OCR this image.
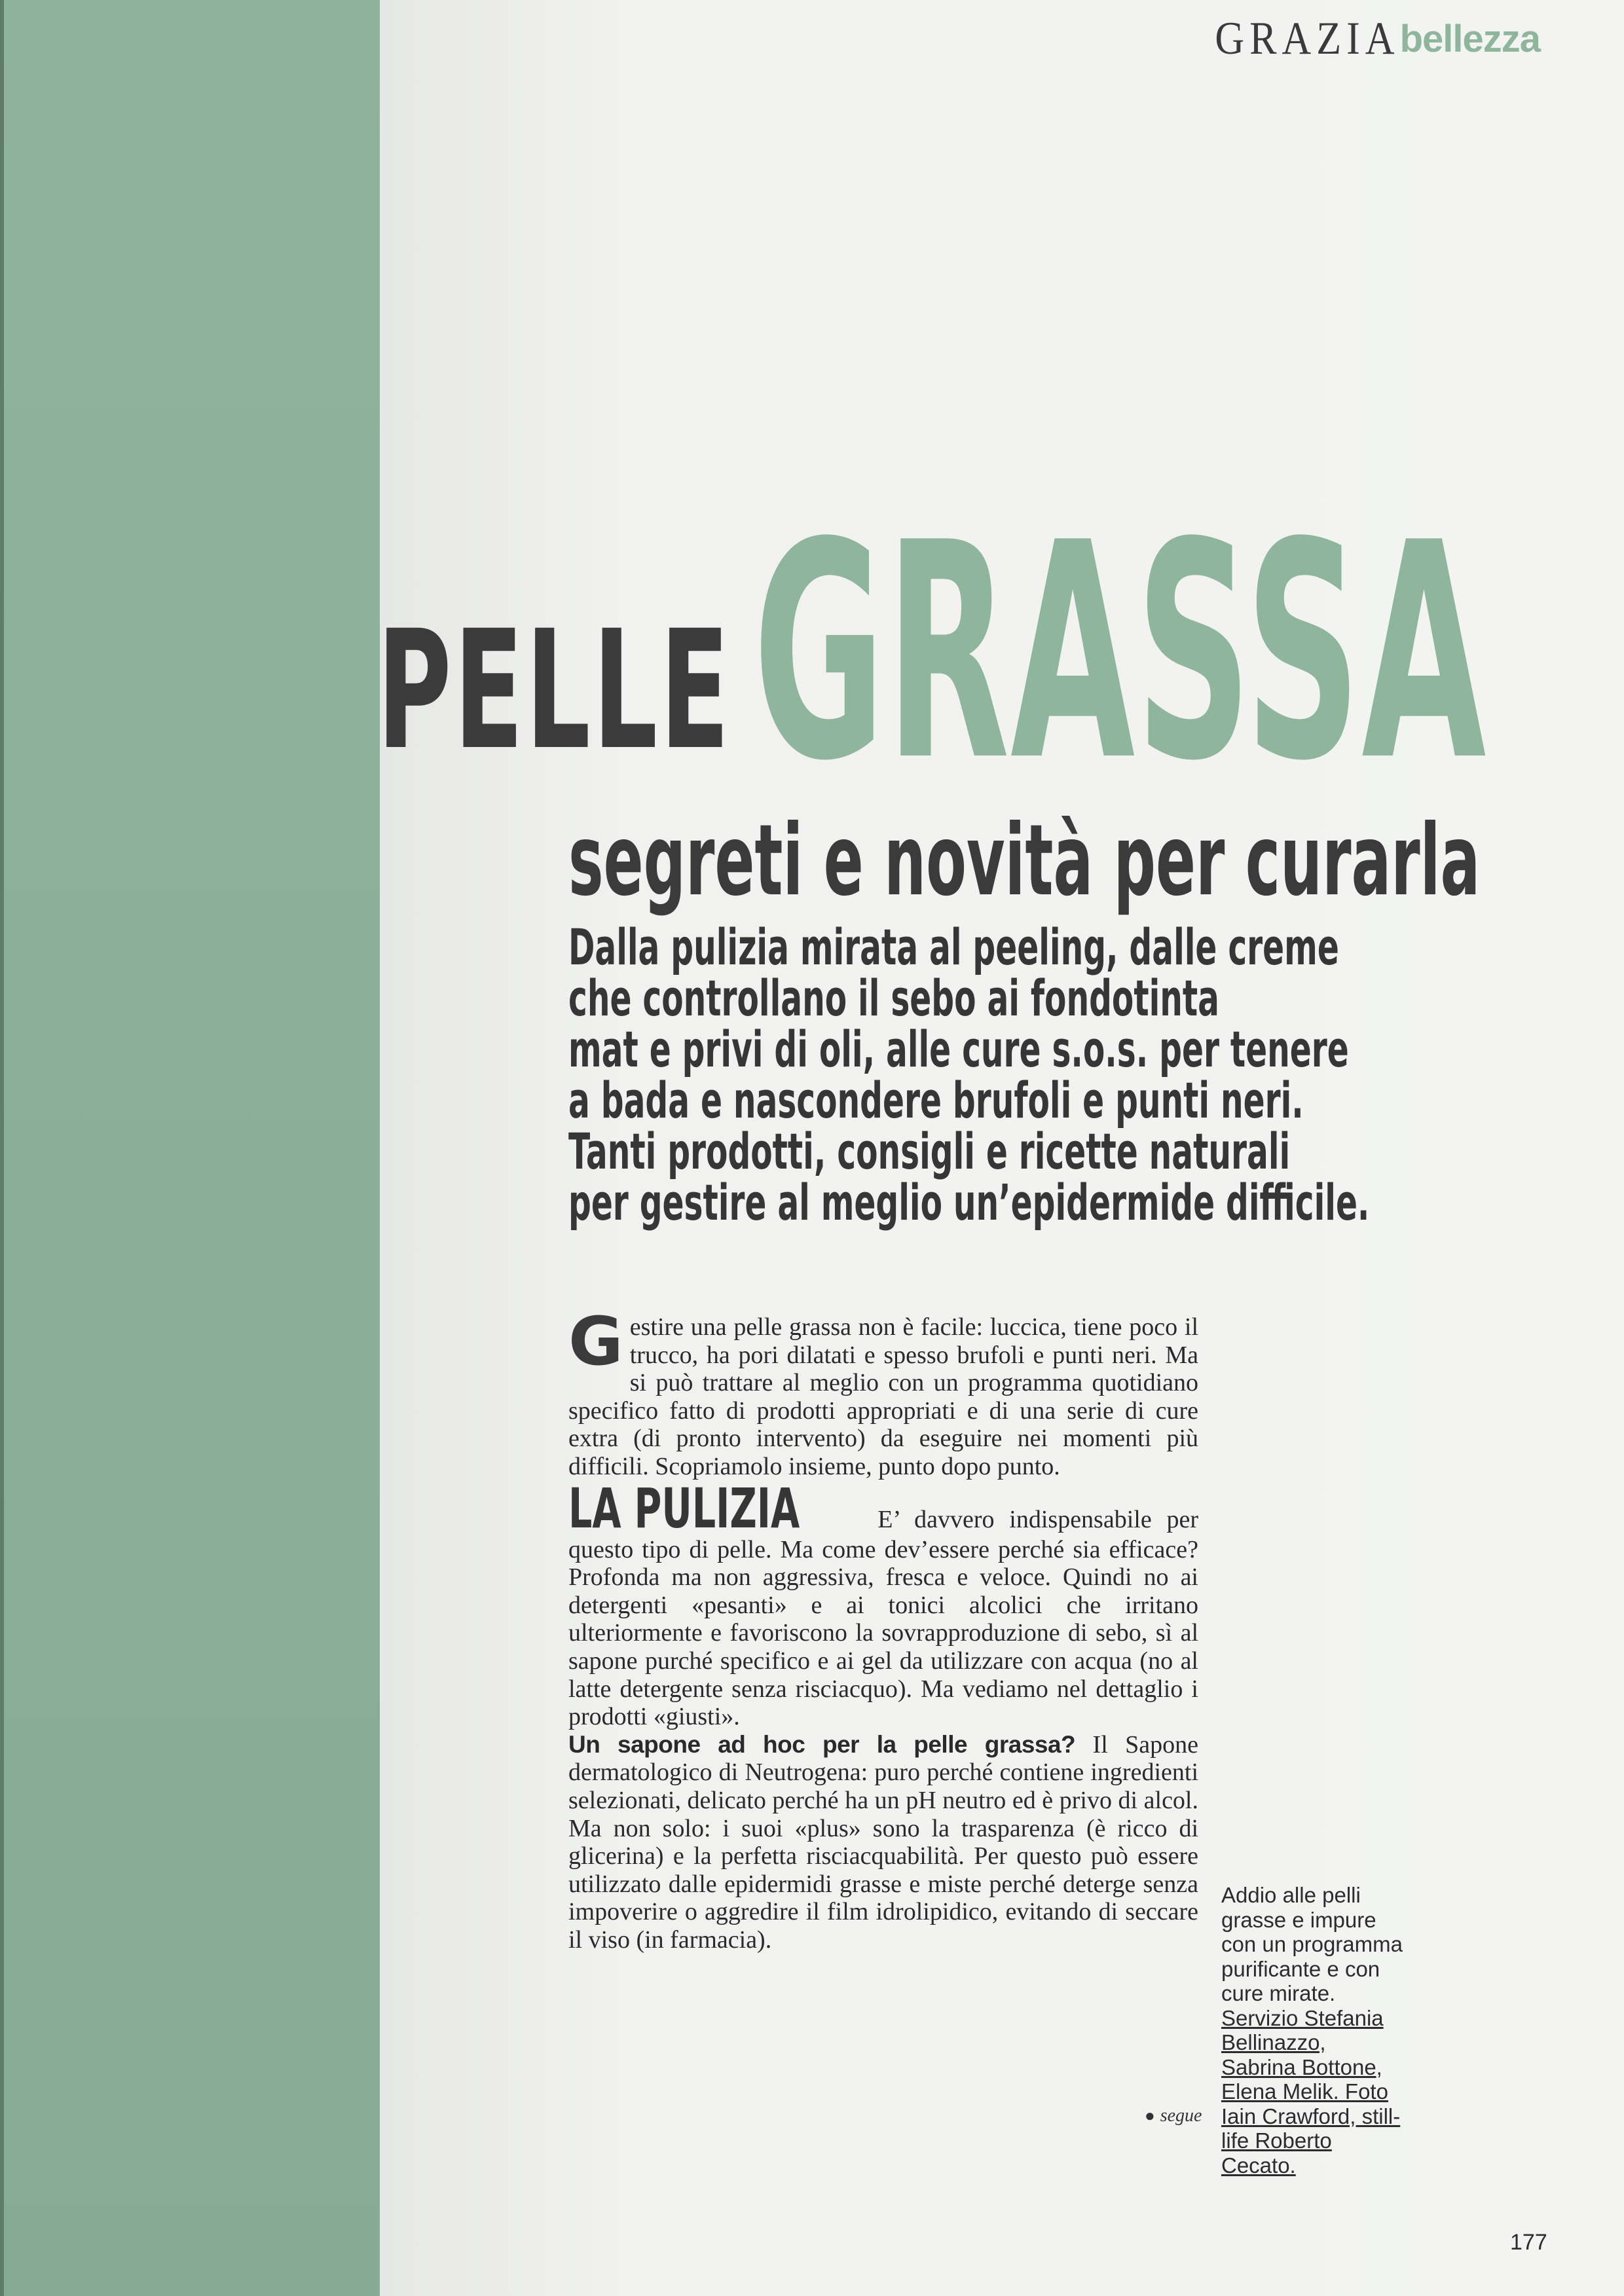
GRAZIAbellezza
GRASSA
PELLE
segreti e novità per curarla
Dalla pulizia mirata al peeling, dalle creme
che controllano il sebo ai fondotinta
mat e privi di oli, alle cure s.o.s. per tenere
a bada e nascondere brufoli e punti neri.
Tanti prodotti, consigli e ricette naturali
per gestire al meglio un’epidermide difficile.

Gestire una pelle grassa non è facile: luccica, tiene poco il trucco, ha pori dilatati e spesso brufoli e punti neri. Ma si può trattare al meglio con un programma quotidiano specifico fatto di prodotti appropriati e di una serie di cure extra (di pronto intervento) da eseguire nei momenti più difficili. Scopriamolo insieme, punto dopo punto.

LA PULIZIA	E’ davvero indispensabile per questo tipo di pelle. Ma come dev’essere perché sia efficace? Profonda ma non aggressiva, fresca e veloce. Quindi no ai detergenti «pesanti» e ai tonici alcolici che irritano ulteriormente e favoriscono la sovrapproduzione di sebo, sì al sapone purché specifico e ai gel da utilizzare con acqua (no al latte detergente senza risciacquo). Ma vediamo nel dettaglio i prodotti «giusti».

Un sapone ad hoc per la pelle grassa? Il Sapone dermatologico di Neutrogena: puro perché contiene ingredienti selezionati, delicato perché ha un pH neutro ed è privo di alcol. Ma non solo: i suoi «plus» sono la trasparenza (è ricco di glicerina) e la perfetta risciacquabilità. Per questo può essere utilizzato dalle epidermidi grasse e miste perché deterge senza impoverire o aggredire il film idrolipidico, evitando di seccare il viso (in farmacia).

● segue
Addio alle pelli grasse e impure con un programma purificante e con cure mirate. Servizio Stefania Bellinazzo, Sabrina Bottone, Elena Melik. Foto Iain Crawford, still-life Roberto Cecato.
177
